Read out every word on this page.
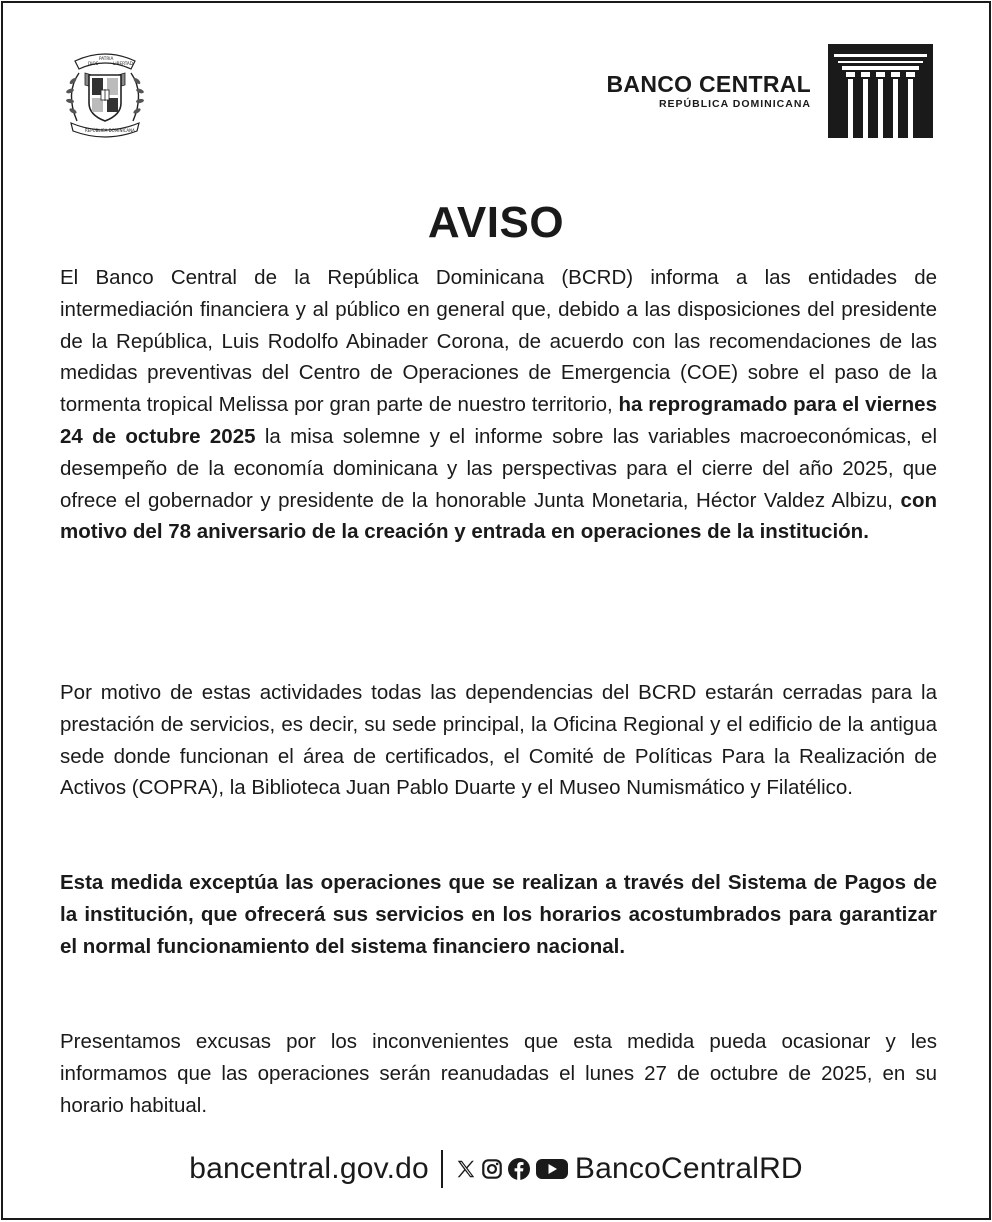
DIOS
PATRIA
LIBERTAD
REPÚBLICA DOMINICANA
BANCO CENTRAL
REPÚBLICA DOMINICANA
AVISO

El Banco Central de la República Dominicana (BCRD) informa a las entidades de intermediación financiera y al público en general que, debido a las disposiciones del presidente de la República, Luis Rodolfo Abinader Corona, de acuerdo con las recomendaciones de las medidas preventivas del Centro de Operaciones de Emergencia (COE) sobre el paso de la tormenta tropical Melissa por gran parte de nuestro territorio, ha reprogramado para el viernes 24 de octubre 2025 la misa solemne y el informe sobre las variables macroeconómicas, el desempeño de la economía dominicana y las perspectivas para el cierre del año 2025, que ofrece el gobernador y presidente de la honorable Junta Monetaria, Héctor Valdez Albizu, con motivo del 78 aniversario de la creación y entrada en operaciones de la institución.

Por motivo de estas actividades todas las dependencias del BCRD estarán cerradas para la prestación de servicios, es decir, su sede principal, la Oficina Regional y el edificio de la antigua sede donde funcionan el área de certificados, el Comité de Políticas Para la Realización de Activos (COPRA), la Biblioteca Juan Pablo Duarte y el Museo Numismático y Filatélico.

Esta medida exceptúa las operaciones que se realizan a través del Sistema de Pagos de la institución, que ofrecerá sus servicios en los horarios acostumbrados para garantizar el normal funcionamiento del sistema financiero nacional.

Presentamos excusas por los inconvenientes que esta medida pueda ocasionar y les informamos que las operaciones serán reanudadas el lunes 27 de octubre de 2025, en su horario habitual.

bancentral.gov.do	BancoCentralRD
